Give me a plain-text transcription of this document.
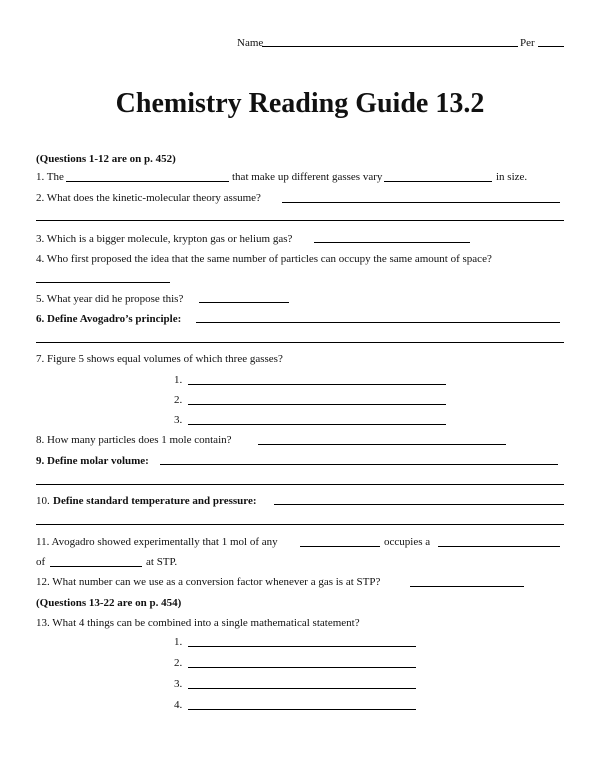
Name	Per
Chemistry Reading Guide 13.2
(Questions 1-12 are on p. 452)
1. The	that make up different gasses vary	in size.
2. What does the kinetic-molecular theory assume?
3. Which is a bigger molecule, krypton gas or helium gas?
4. Who first proposed the idea that the same number of particles can occupy the same amount of space?
5. What year did he propose this?
6. Define Avogadro’s principle:
7. Figure 5 shows equal volumes of which three gasses?
1.
2.
3.
8. How many particles does 1 mole contain?
9. Define molar volume:
10. Define standard temperature and pressure:
11. Avogadro showed experimentally that 1 mol of any	occupies a
of	at STP.
12. What number can we use as a conversion factor whenever a gas is at STP?
(Questions 13-22 are on p. 454)
13. What 4 things can be combined into a single mathematical statement?
1.
2.
3.
4.
